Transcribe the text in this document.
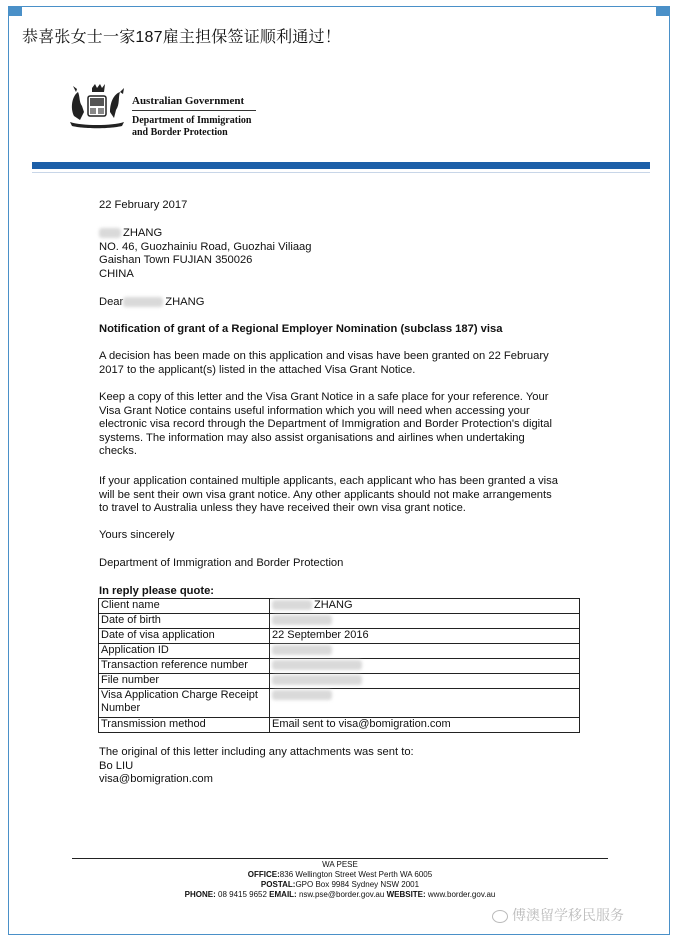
恭喜张女士一家187雇主担保签证顺利通过！
Australian Government
Department of Immigration
and Border Protection
22 February 2017
ZHANG
NO. 46, Guozhainiu Road, Guozhai Viliaag
Gaishan Town FUJIAN 350026
CHINA
Dear	ZHANG
Notification of grant of a Regional Employer Nomination (subclass 187) visa
A decision has been made on this application and visas have been granted on 22 February
2017 to the applicant(s) listed in the attached Visa Grant Notice.
Keep a copy of this letter and the Visa Grant Notice in a safe place for your reference. Your
Visa Grant Notice contains useful information which you will need when accessing your
electronic visa record through the Department of Immigration and Border Protection's digital
systems. The information may also assist organisations and airlines when undertaking
checks.
If your application contained multiple applicants, each applicant who has been granted a visa
will be sent their own visa grant notice. Any other applicants should not make arrangements
to travel to Australia unless they have received their own visa grant notice.
Yours sincerely
Department of Immigration and Border Protection
In reply please quote:
Client name	ZHANG
Date of birth	
Date of visa application	22 September 2016
Application ID	
Transaction reference number	
File number	
Visa Application Charge Receipt Number	
Transmission method	Email sent to visa@bomigration.com
The original of this letter including any attachments was sent to:
Bo LIU
visa@bomigration.com
WA PESE
OFFICE:836 Wellington Street West Perth WA 6005
POSTAL:GPO Box 9984 Sydney NSW 2001
PHONE: 08 9415 9652 EMAIL: nsw.pse@border.gov.au WEBSITE: www.border.gov.au
傅澳留学移民服务
